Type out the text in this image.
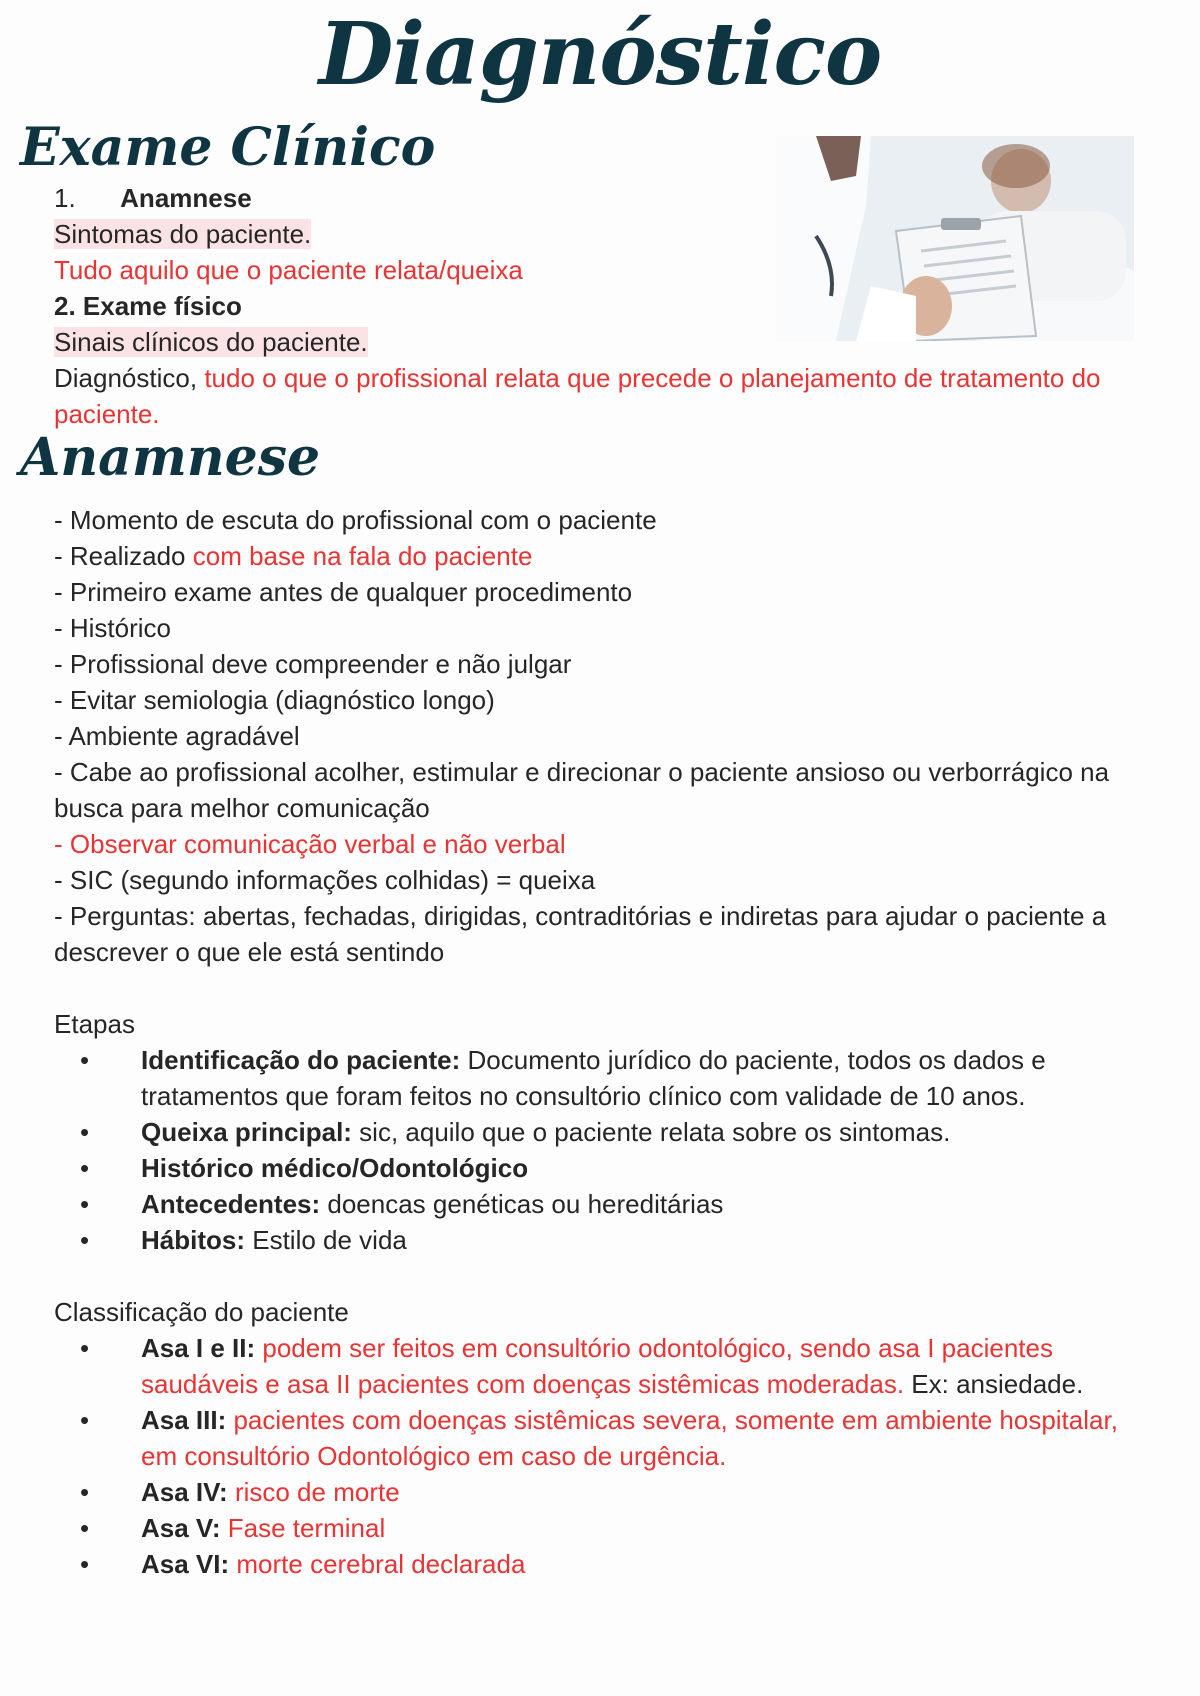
Diagnóstico
Exame Clínico
1. Anamnese
Sintomas do paciente.
Tudo aquilo que o paciente relata/queixa
2. Exame físico
Sinais clínicos do paciente.
Diagnóstico, tudo o que o profissional relata que precede o planejamento de tratamento do paciente.
Anamnese
- Momento de escuta do profissional com o paciente
- Realizado com base na fala do paciente
- Primeiro exame antes de qualquer procedimento
- Histórico
- Profissional deve compreender e não julgar
- Evitar semiologia (diagnóstico longo)
- Ambiente agradável
- Cabe ao profissional acolher, estimular e direcionar o paciente ansioso ou verborrágico na busca para melhor comunicação
- Observar comunicação verbal e não verbal
- SIC (segundo informações colhidas) = queixa
- Perguntas: abertas, fechadas, dirigidas, contraditórias e indiretas para ajudar o paciente a descrever o que ele está sentindo
Etapas
• Identificação do paciente: Documento jurídico do paciente, todos os dados e tratamentos que foram feitos no consultório clínico com validade de 10 anos.
• Queixa principal: sic, aquilo que o paciente relata sobre os sintomas.
• Histórico médico/Odontológico
• Antecedentes: doencas genéticas ou hereditárias
• Hábitos: Estilo de vida
Classificação do paciente
• Asa I e II: podem ser feitos em consultório odontológico, sendo asa I pacientes saudáveis e asa II pacientes com doenças sistêmicas moderadas. Ex: ansiedade.
• Asa III: pacientes com doenças sistêmicas severa, somente em ambiente hospitalar, em consultório Odontológico em caso de urgência.
• Asa IV: risco de morte
• Asa V: Fase terminal
• Asa VI: morte cerebral declarada
